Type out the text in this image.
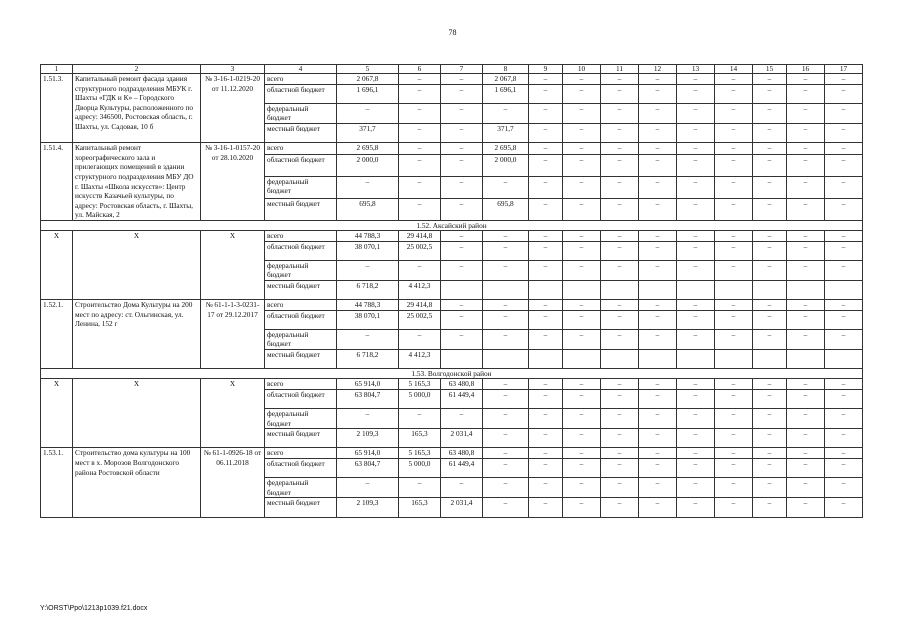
78
1	2	3	4	5	6	7	8	9	10	11	12	13	14	15	16	17
1.51.3.	Капитальный ремонт фасада здания структурного подразделения МБУК г. Шахты «ГДК и К» – Городского Дворца Культуры, расположенного по адресу: 346500, Ростовская область, г. Шахты, ул. Садовая, 10 б	№ 3-16-1-0219-20 от 11.12.2020	всего	2 067,8	–	–	2 067,8	–	–	–	–	–	–	–	–	–
			областной бюджет	1 696,1	–	–	1 696,1	–	–	–	–	–	–	–	–	–
			федеральный бюджет	–	–	–	–	–	–	–	–	–	–	–	–	–
			местный бюджет	371,7	–	–	371,7	–	–	–	–	–	–	–	–	–
1.51.4.	Капитальный ремонт хореографического зала и прилегающих помещений в здании структурного подразделения МБУ ДО г. Шахты «Школа искусств»: Центр искусств Казачьей культуры, по адресу: Ростовская область, г. Шахты, ул. Майская, 2	№ 3-16-1-0157-20 от 28.10.2020	всего	2 695,8	–	–	2 695,8	–	–	–	–	–	–	–	–	–
			областной бюджет	2 000,0	–	–	2 000,0	–	–	–	–	–	–	–	–	–
			федеральный бюджет	–	–	–	–	–	–	–	–	–	–	–	–	–
			местный бюджет	695,8	–	–	695,8	–	–	–	–	–	–	–	–	–
1.52. Аксайский район																
Х	Х	Х	всего	44 788,3	29 414,8	–	–	–	–	–	–	–	–	–	–	–
			областной бюджет	38 070,1	25 002,5	–	–	–	–	–	–	–	–	–	–	–
			федеральный бюджет	–	–	–	–	–	–	–	–	–	–	–	–	–
			местный бюджет	6 718,2	4 412,3											
1.52.1.	Строительство Дома Культуры на 200 мест по адресу: ст. Ольгинская, ул. Ленина, 152 г	№ 61-1-1-3-0231-17 от 29.12.2017	всего	44 788,3	29 414,8	–	–	–	–	–	–	–	–	–	–	–
			областной бюджет	38 070,1	25 002,5	–	–	–	–	–	–	–	–	–	–	–
			федеральный бюджет	–	–	–	–	–	–	–	–	–	–	–	–	–
			местный бюджет	6 718,2	4 412,3											
1.53. Волгодонской район																
Х	Х	Х	всего	65 914,0	5 165,3	63 480,8	–	–	–	–	–	–	–	–	–	–
			областной бюджет	63 804,7	5 000,0	61 449,4	–	–	–	–	–	–	–	–	–	–
			федеральный бюджет	–	–	–	–	–	–	–	–	–	–	–	–	–
			местный бюджет	2 109,3	165,3	2 031,4	–	–	–	–	–	–	–	–	–	–
1.53.1.	Строительство дома культуры на 100 мест в х. Морозов Волгодонского района Ростовской области	№ 61-1-0926-18 от 06.11.2018	всего	65 914,0	5 165,3	63 480,8	–	–	–	–	–	–	–	–	–	–
			областной бюджет	63 804,7	5 000,0	61 449,4	–	–	–	–	–	–	–	–	–	–
			федеральный бюджет	–	–	–	–	–	–	–	–	–	–	–	–	–
			местный бюджет	2 109,3	165,3	2 031,4	–	–	–	–	–	–	–	–	–	–
Y:\ORST\Ppo\1213p1039.f21.docx
